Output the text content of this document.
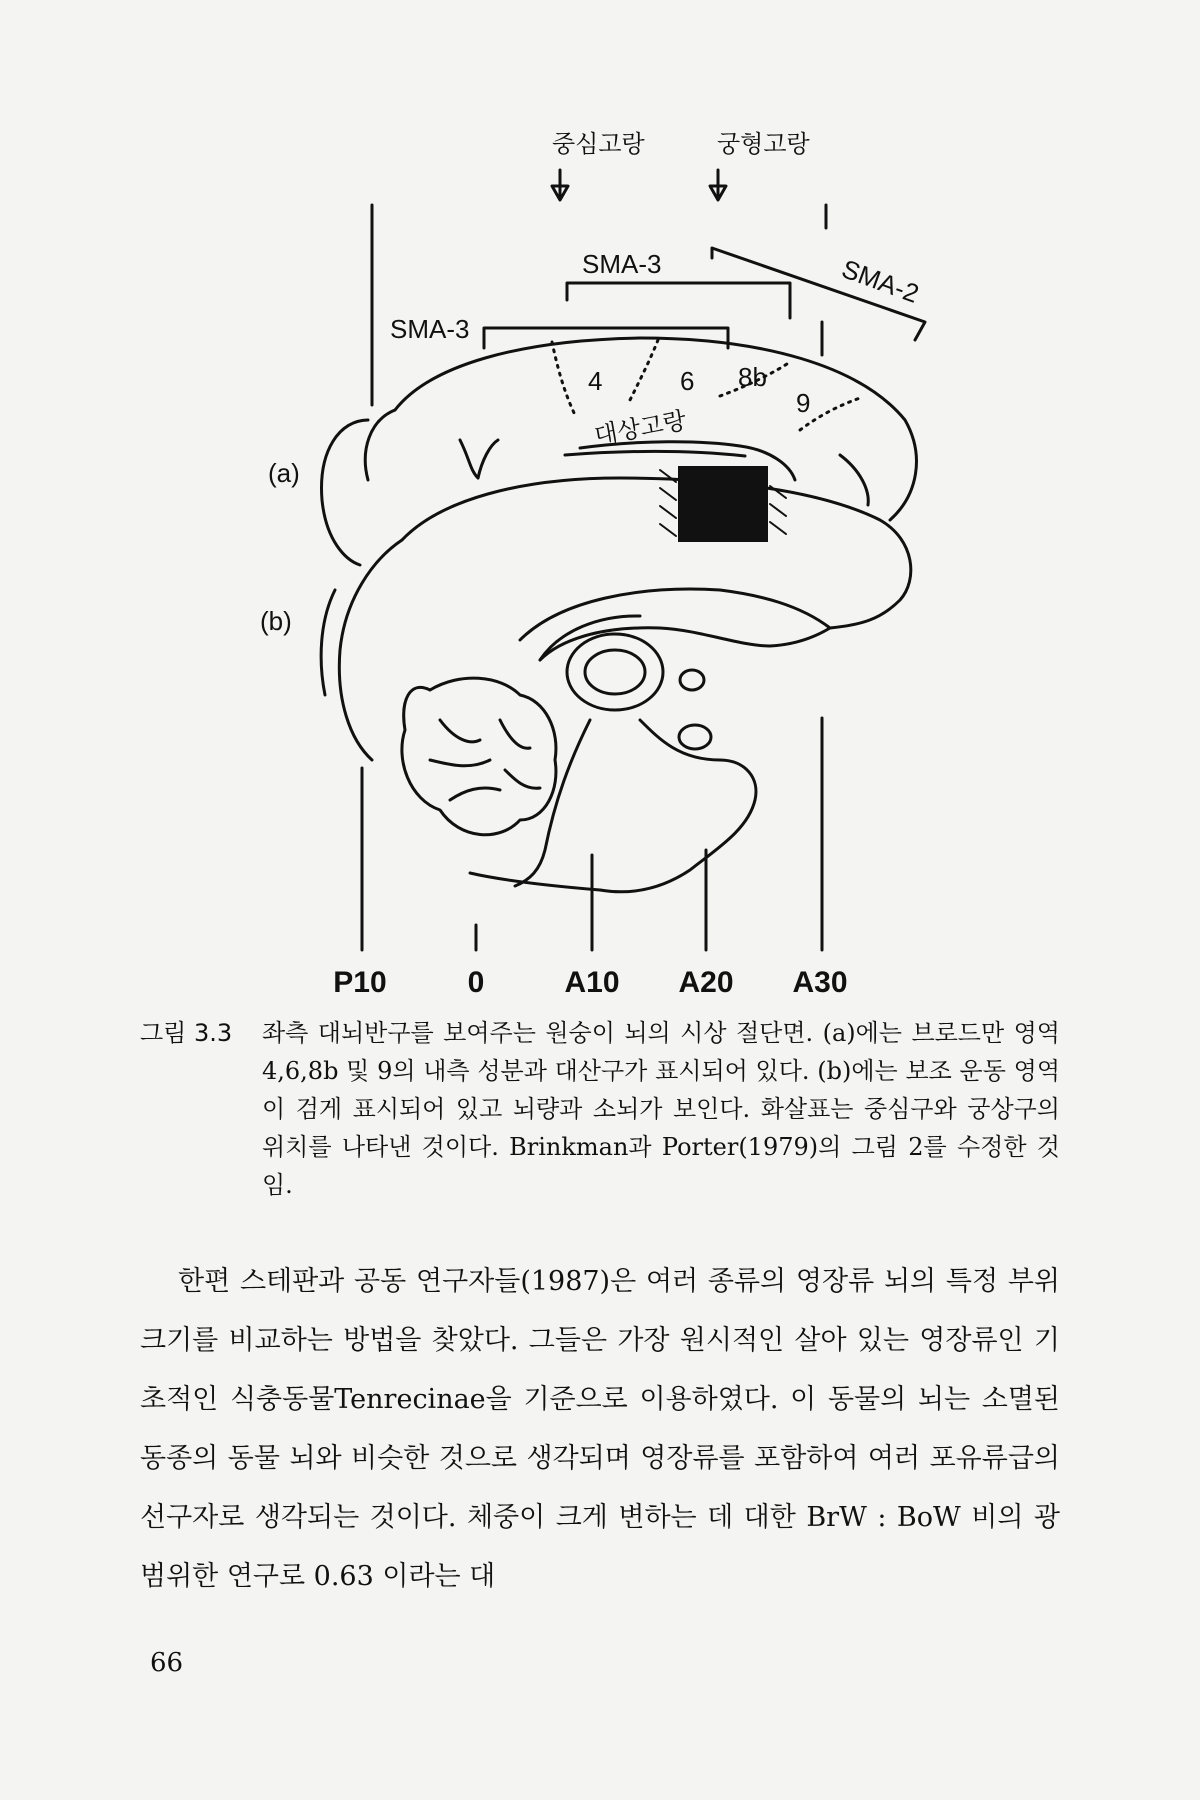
중심고랑	궁형고랑
SMA-3
SMA-3
SMA-2
4	6 8b
9
대상고랑
(a)
(b)
P10	0	A10 A20 A30
그림 3.3	좌측 대뇌반구를 보여주는 원숭이 뇌의 시상 절단면. (a)에는 브로드만 영역 4,6,8b 및 9의 내측 성분과 대산구가 표시되어 있다. (b)에는 보조 운동 영역이 검게 표시되어 있고 뇌량과 소뇌가 보인다. 화살표는 중심구와 궁상구의 위치를 나타낸 것이다. Brinkman과 Porter(1979)의 그림 2를 수정한 것임.
한편 스테판과 공동 연구자들(1987)은 여러 종류의 영장류 뇌의 특정 부위 크기를 비교하는 방법을 찾았다. 그들은 가장 원시적인 살아 있는 영장류인 기초적인 식충동물Tenrecinae을 기준으로 이용하였다. 이 동물의 뇌는 소멸된 동종의 동물 뇌와 비슷한 것으로 생각되며 영장류를 포함하여 여러 포유류급의 선구자로 생각되는 것이다. 체중이 크게 변하는 데 대한 BrW : BoW 비의 광범위한 연구로 0.63 이라는 대
66
